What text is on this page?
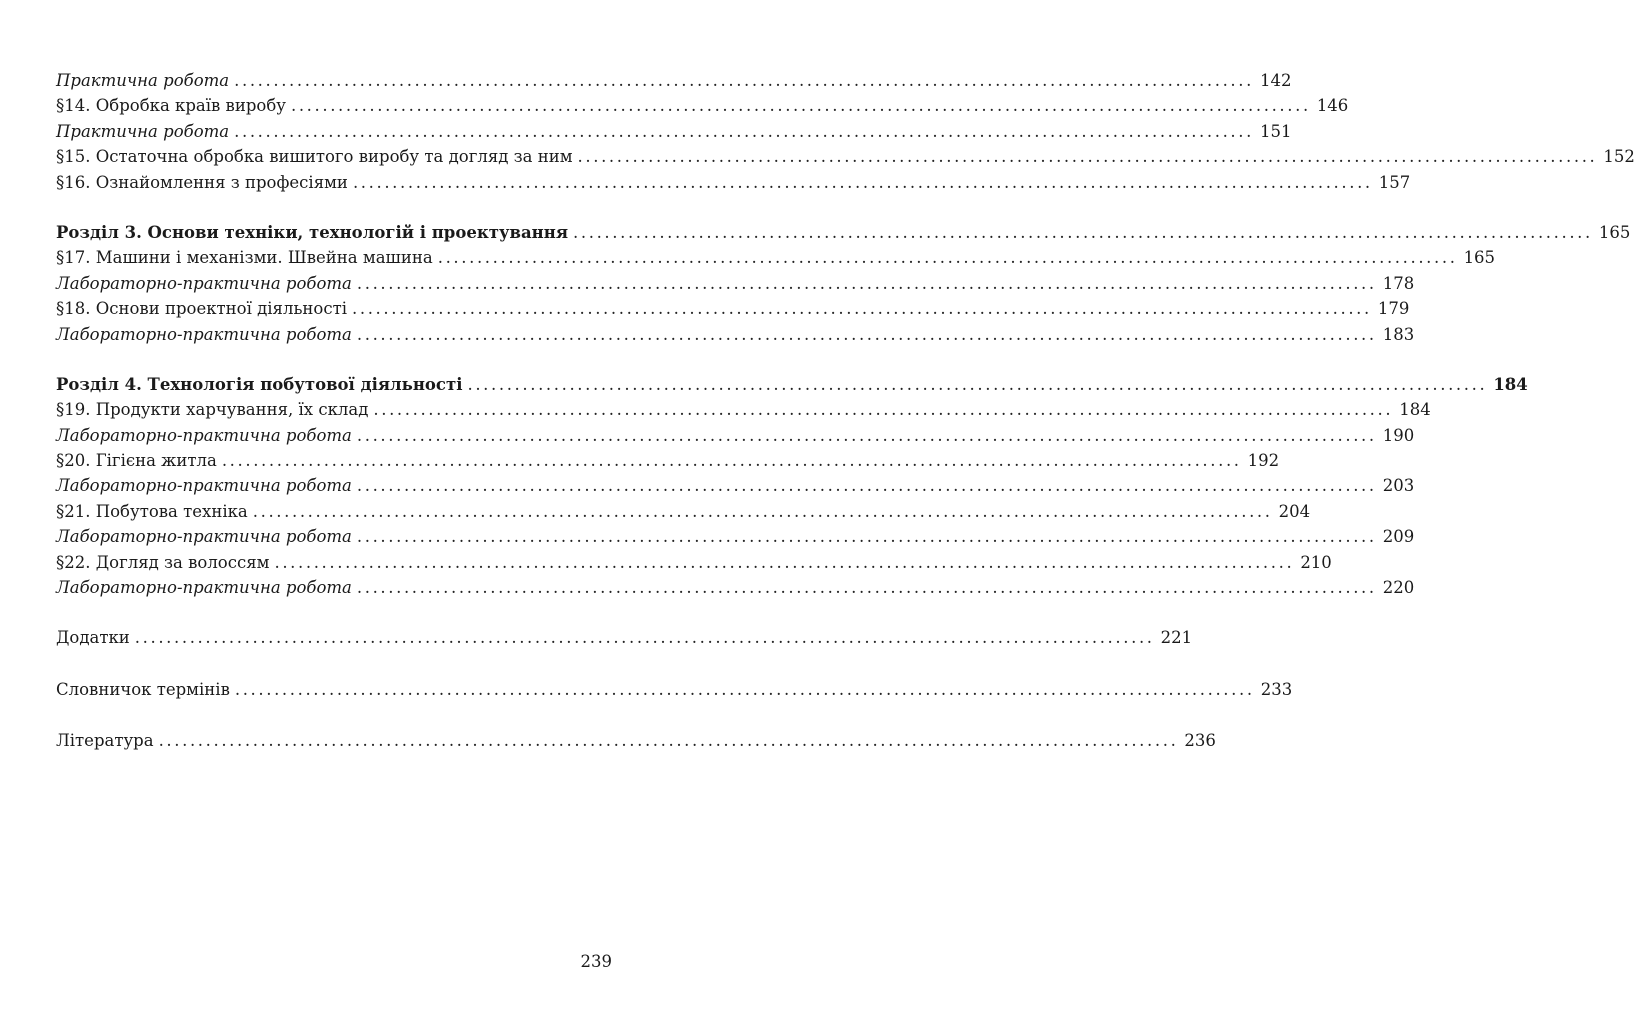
Практична робота .................................................................................................................................. 142
§14. Обробка країв виробу .................................................................................................................................. 146
Практична робота .................................................................................................................................. 151
§15. Остаточна обробка вишитого виробу та догляд за ним .................................................................................................................................. 152
§16. Ознайомлення з професіями .................................................................................................................................. 157
Розділ 3. Основи техніки, технологій і проектування .................................................................................................................................. 165
§17. Машини і механізми. Швейна машина .................................................................................................................................. 165
Лабораторно-практична робота .................................................................................................................................. 178
§18. Основи проектної діяльності .................................................................................................................................. 179
Лабораторно-практична робота .................................................................................................................................. 183
Розділ 4. Технологія побутової діяльності .................................................................................................................................. 184
§19. Продукти харчування, їх склад .................................................................................................................................. 184
Лабораторно-практична робота .................................................................................................................................. 190
§20. Гігієна житла .................................................................................................................................. 192
Лабораторно-практична робота .................................................................................................................................. 203
§21. Побутова техніка .................................................................................................................................. 204
Лабораторно-практична робота .................................................................................................................................. 209
§22. Догляд за волоссям .................................................................................................................................. 210
Лабораторно-практична робота .................................................................................................................................. 220
Додатки .................................................................................................................................. 221
Словничок термінів .................................................................................................................................. 233
Література .................................................................................................................................. 236
239
